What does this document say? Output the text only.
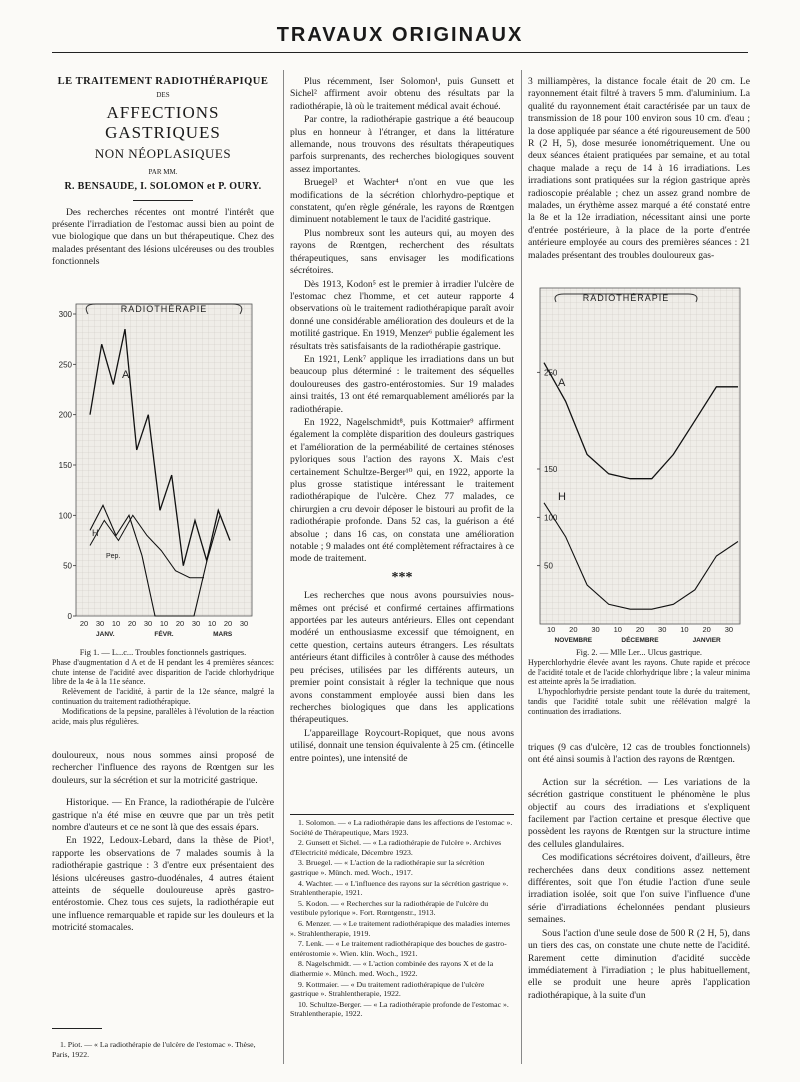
TRAVAUX ORIGINAUX
LE TRAITEMENT RADIOTHÉRAPIQUE
DES
AFFECTIONS GASTRIQUES
NON NÉOPLASIQUES
PAR MM.
R. BENSAUDE, I. SOLOMON et P. OURY.

Des recherches récentes ont montré l'intérêt que présente l'irradiation de l'estomac aussi bien au point de vue biologique que dans un but thérapeutique. Chez des malades présentant des lésions ulcéreuses ou des troubles fonctionnels

RADIOTHÉRAPIE
300
250
200
150
100
50
0
20 30 10 20 30 10 20 30 10 20 30
JANV.	FÉVR.	MARS
A
H
Pep.

Fig 1. — L...c... Troubles fonctionnels gastriques.

Phase d'augmentation d A et de H pendant les 4 premières séances: chute intense de l'acidité avec disparition de l'acide chlorhydrique libre de la 4e à la 11e séance.

Relèvement de l'acidité, à partir de la 12e séance, malgré la continuation du traitement radiothérapique.

Modifications de la pepsine, parallèles à l'évolution de la réaction acide, mais plus régulières.

douloureux, nous nous sommes ainsi proposé de rechercher l'influence des rayons de Rœntgen sur les douleurs, sur la sécrétion et sur la motricité gastrique.

Historique. — En France, la radiothérapie de l'ulcère gastrique n'a été mise en œuvre que par un très petit nombre d'auteurs et ce ne sont là que des essais épars.

En 1922, Ledoux-Lebard, dans la thèse de Piot¹, rapporte les observations de 7 malades soumis à la radiothérapie gastrique : 3 d'entre eux présentaient des lésions ulcéreuses gastro-duodénales, 4 autres étaient atteints de séquelle douloureuse après gastro-entérostomie. Chez tous ces sujets, la radiothérapie eut une influence remarquable et rapide sur les douleurs et la motricité stomacales.

1. Piot. — « La radiothérapie de l'ulcère de l'estomac ». Thèse, Paris, 1922.

Plus récemment, Iser Solomon¹, puis Gunsett et Sichel² affirment avoir obtenu des résultats par la radiothérapie, là où le traitement médical avait échoué.

Par contre, la radiothérapie gastrique a été beaucoup plus en honneur à l'étranger, et dans la littérature allemande, nous trouvons des résultats thérapeutiques parfois surprenants, des recherches biologiques souvent assez importantes.

Bruegel³ et Wachter⁴ n'ont en vue que les modifications de la sécrétion chlorhydro-peptique et constatent, qu'en règle générale, les rayons de Rœntgen diminuent notablement le taux de l'acidité gastrique.

Plus nombreux sont les auteurs qui, au moyen des rayons de Rœntgen, recherchent des résultats thérapeutiques, sans envisager les modifications sécrétoires.

Dès 1913, Kodon⁵ est le premier à irradier l'ulcère de l'estomac chez l'homme, et cet auteur rapporte 4 observations où le traitement radiothérapique paraît avoir donné une considérable amélioration des douleurs et de la motilité gastrique. En 1919, Menzer⁶ publie également les résultats très satisfaisants de la radiothérapie gastrique.

En 1921, Lenk⁷ applique les irradiations dans un but beaucoup plus déterminé : le traitement des séquelles douloureuses des gastro-entérostomies. Sur 19 malades ainsi traités, 13 ont été remarquablement améliorés par la radiothérapie.

En 1922, Nagelschmidt⁸, puis Kottmaier⁹ affirment également la complète disparition des douleurs gastriques et l'amélioration de la perméabilité de certaines sténoses pyloriques sous l'action des rayons X. Mais c'est certainement Schultze-Berger¹⁰ qui, en 1922, apporte la plus grosse statistique intéressant le traitement radiothérapique de l'ulcère. Chez 77 malades, ce chirurgien a cru devoir déposer le bistouri au profit de la radiothérapie profonde. Dans 52 cas, la guérison a été absolue ; dans 16 cas, on constata une amélioration notable ; 9 malades ont été complètement réfractaires à ce mode de traitement.

***

Les recherches que nous avons poursuivies nous-mêmes ont précisé et confirmé certaines affirmations apportées par les auteurs antérieurs. Elles ont cependant modéré un enthousiasme excessif que témoignent, en cette question, certains auteurs étrangers. Les résultats antérieurs étant difficiles à contrôler à cause des méthodes peu précises, utilisées par les différents auteurs, un premier point consistait à régler la technique que nous avons constamment employée aussi bien dans les recherches biologiques que dans les applications thérapeutiques.

L'appareillage Roycourt-Ropiquet, que nous avons utilisé, donnait une tension équivalente à 25 cm. (étincelle entre pointes), une intensité de

1. Solomon. — « La radiothérapie dans les affections de l'estomac ». Société de Thérapeutique, Mars 1923.
2. Gunsett et Sichel. — « La radiothérapie de l'ulcère ». Archives d'Electricité médicale, Décembre 1923.
3. Bruegel. — « L'action de la radiothérapie sur la sécrétion gastrique ». Münch. med. Woch., 1917.
4. Wachter. — « L'influence des rayons sur la sécrétion gastrique ». Strahlentherapie, 1921.
5. Kodon. — « Recherches sur la radiothérapie de l'ulcère du vestibule pylorique ». Fort. Rœntgenstr., 1913.
6. Menzer. — « Le traitement radiothérapique des maladies internes ». Strahlentherapie, 1919.
7. Lenk. — « Le traitement radiothérapique des bouches de gastro-entérostomie ». Wien. klin. Woch., 1921.
8. Nagelschmidt. — « L'action combinée des rayons X et de la diathermie ». Münch. med. Woch., 1922.
9. Kottmaier. — « Du traitement radiothérapique de l'ulcère gastrique ». Strahlentherapie, 1922.
10. Schultze-Berger. — « La radiothérapie profonde de l'estomac ». Strahlentherapie, 1922.

3 milliampères, la distance focale était de 20 cm. Le rayonnement était filtré à travers 5 mm. d'aluminium. La qualité du rayonnement était caractérisée par un taux de transmission de 18 pour 100 environ sous 10 cm. d'eau ; la dose appliquée par séance a été rigoureusement de 500 R (2 H, 5), dose mesurée ionométriquement. Une ou deux séances étaient pratiquées par semaine, et au total chaque malade a reçu de 14 à 16 irradiations. Les irradiations sont pratiquées sur la région gastrique après radioscopie préalable ; chez un assez grand nombre de malades, un érythème assez marqué a été constaté entre la 8e et la 12e irradiation, nécessitant ainsi une porte d'entrée postérieure, à la place de la porte d'entrée antérieure employée au cours des premières séances : 21 malades présentant des troubles douloureux gas-

RADIOTHÉRAPIE
250
150
100
50
10 20 30 10 20 30 10 20 30
NOVEMBRE	DÉCEMBRE	JANVIER
A
H

Fig. 2. — Mlle Ler... Ulcus gastrique.

Hyperchlorhydrie élevée avant les rayons. Chute rapide et précoce de l'acidité totale et de l'acide chlorhydrique libre ; la valeur minima est atteinte après la 5e irradiation.

L'hypochlorhydrie persiste pendant toute la durée du traitement, tandis que l'acidité totale subit une réélévation malgré la continuation des irradiations.

triques (9 cas d'ulcère, 12 cas de troubles fonctionnels) ont été ainsi soumis à l'action des rayons de Rœntgen.

Action sur la sécrétion. — Les variations de la sécrétion gastrique constituent le phénomène le plus objectif au cours des irradiations et s'expliquent facilement par l'action certaine et presque élective que possèdent les rayons de Rœntgen sur la structure intime des cellules glandulaires.

Ces modifications sécrétoires doivent, d'ailleurs, être recherchées dans deux conditions assez nettement différentes, soit que l'on étudie l'action d'une seule irradiation isolée, soit que l'on suive l'influence d'une série d'irradiations échelonnées pendant plusieurs semaines.

Sous l'action d'une seule dose de 500 R (2 H, 5), dans un tiers des cas, on constate une chute nette de l'acidité. Rarement cette diminution d'acidité succède immédiatement à l'irradiation ; le plus habituellement, elle se produit une heure après l'application radiothérapique, à la suite d'un
